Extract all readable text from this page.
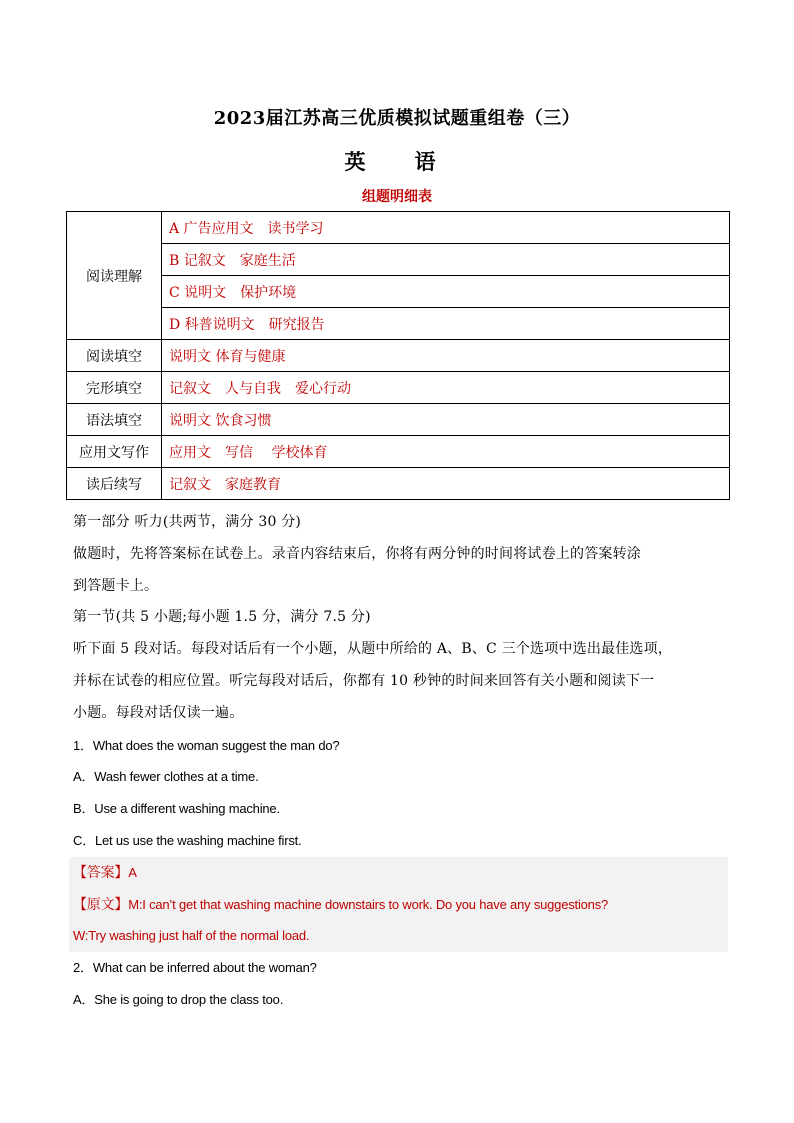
2023届江苏高三优质模拟试题重组卷（三）
英　语
组题明细表
阅读理解	A 广告应用文　读书学习
	B 记叙文　家庭生活
	C 说明文　保护环境
	D 科普说明文　研究报告
阅读填空	说明文 体育与健康
完形填空	记叙文　人与自我　爱心行动
语法填空	说明文 饮食习惯
应用文写作	应用文　写信　 学校体育
读后续写	记叙文　家庭教育
第一部分 听力(共两节，满分 30 分)
做题时，先将答案标在试卷上。录音内容结束后，你将有两分钟的时间将试卷上的答案转涂
到答题卡上。
第一节(共 5 小题;每小题 1.5 分，满分 7.5 分)
听下面 5 段对话。每段对话后有一个小题，从题中所给的 A、B、C 三个选项中选出最佳选项，
并标在试卷的相应位置。听完每段对话后，你都有 10 秒钟的时间来回答有关小题和阅读下一
小题。每段对话仅读一遍。
1．What does the woman suggest the man do?
A．Wash fewer clothes at a time.
B．Use a different washing machine.
C．Let us use the washing machine first.
【答案】A
【原文】M:I can’t get that washing machine downstairs to work. Do you have any suggestions?
W:Try washing just half of the normal load.
2．What can be inferred about the woman?
A．She is going to drop the class too.
